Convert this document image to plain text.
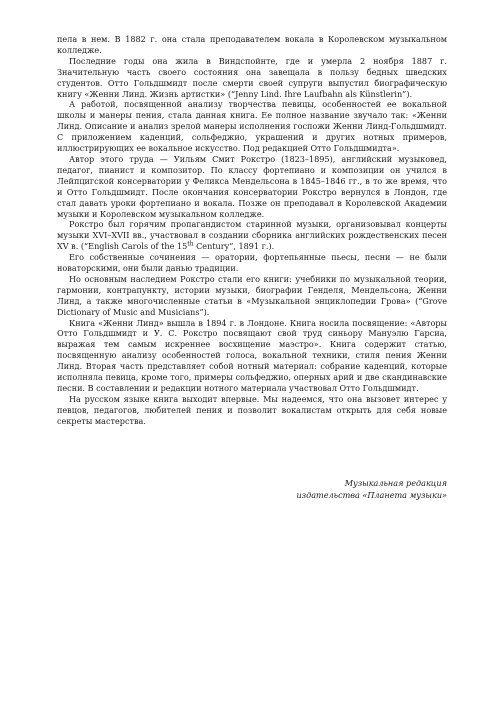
пела в нем. В 1882 г. она стала преподавателем вокала в Королевском музыкальном колледже.

Последние годы она жила в Виндспойнте, где и умерла 2 ноября 1887 г. Значительную часть своего состояния она завещала в пользу бедных шведских студентов. Отто Гольдшмидт после смерти своей супруги выпустил биографическую книгу «Женни Линд. Жизнь артистки» (“Jenny Lind. Ihre Laufbahn als Künstlerin”).

А работой, посвященной анализу творчества певицы, особенностей ее вокальной школы и манеры пения, стала данная книга. Ее полное название звучало так: «Женни Линд. Описание и анализ зрелой манеры исполнения госпожи Женни Линд-Гольдшмидт. С приложением каденций, сольфеджио, украшений и других нотных примеров, иллюстрирующих ее вокальное искусство. Под редакцией Отто Гольдшмидта».

Автор этого труда — Уильям Смит Рокстро (1823–1895), английский музыковед, педагог, пианист и композитор. По классу фортепиано и композиции он учился в Лейпцигской консерватории у Феликса Мендельсона в 1845–1846 гг., в то же время, что и Отто Гольдшмидт. После окончания консерватории Рокстро вернулся в Лондон, где стал давать уроки фортепиано и вокала. Позже он преподавал в Королевской Академии музыки и Королевском музыкальном колледже.

Рокстро был горячим пропагандистом старинной музыки, организовывал концерты музыки XVI–XVII вв., участвовал в создании сборника английских рождественских песен XV в. (“English Carols of the 15th Century”, 1891 г.).

Его собственные сочинения — оратории, фортепьянные пьесы, песни — не были новаторскими, они были данью традиции.

Но основным наследием Рокстро стали его книги: учебники по музыкальной теории, гармонии, контрапункту, истории музыки, биографии Генделя, Мендельсона, Женни Линд, а также многочисленные статьи в «Музыкальной энциклопедии Грова» (“Grove Dictionary of Music and Musicians”).

Книга «Женни Линд» вышла в 1894 г. в Лондоне. Книга носила посвящение: «Авторы Отто Гольдшмидт и У. С. Рокстро посвящают свой труд синьору Мануэлю Гарсиа, выражая тем самым искреннее восхищение маэстро». Книга содержит статью, посвященную анализу особенностей голоса, вокальной техники, стиля пения Женни Линд. Вторая часть представляет собой нотный материал: собрание каденций, которые исполняла певица, кроме того, примеры сольфеджио, оперных арий и две скандинавские песни. В составлении и редакции нотного материала участвовал Отто Гольдшмидт.

На русском языке книга выходит впервые. Мы надеемся, что она вызовет интерес у певцов, педагогов, любителей пения и позволит вокалистам открыть для себя новые секреты мастерства.

Музыкальная редакция
издательства «Планета музыки»
